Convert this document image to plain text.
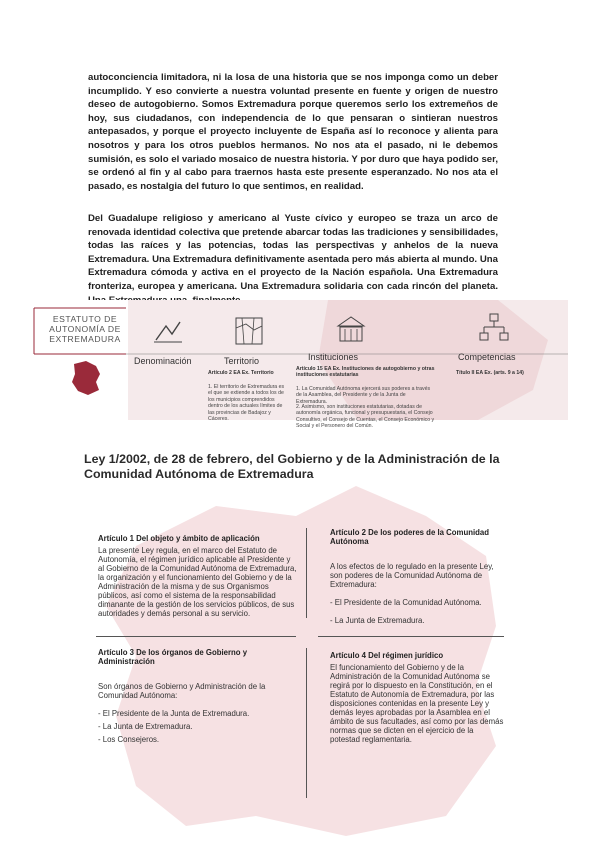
autoconciencia limitadora, ni la losa de una historia que se nos imponga como un deber incumplido. Y eso convierte a nuestra voluntad presente en fuente y origen de nuestro deseo de autogobierno. Somos Extremadura porque queremos serlo los extremeños de hoy, sus ciudadanos, con independencia de lo que pensaran o sintieran nuestros antepasados, y porque el proyecto incluyente de España así lo reconoce y alienta para nosotros y para los otros pueblos hermanos. No nos ata el pasado, ni le debemos sumisión, es solo el variado mosaico de nuestra historia. Y por duro que haya podido ser, se ordenó al fin y al cabo para traernos hasta este presente esperanzado. No nos ata el pasado, es nostalgia del futuro lo que sentimos, en realidad.
Del Guadalupe religioso y americano al Yuste cívico y europeo se traza un arco de renovada identidad colectiva que pretende abarcar todas las tradiciones y sensibilidades, todas las raíces y las potencias, todas las perspectivas y anhelos de la nueva Extremadura. Una Extremadura definitivamente asentada pero más abierta al mundo. Una Extremadura cómoda y activa en el proyecto de la Nación española. Una Extremadura fronteriza, europea y americana. Una Extremadura solidaria con cada rincón del planeta.
ESTATUTO DE AUTONOMÍA DE EXTREMADURA
Denominación	Territorio
Artículo 2 EA Ex. Territorio
1. El territorio de Extremadura es el que se extiende a todos los de los municipios comprendidos dentro de los actuales límites de las provincias de Badajoz y Cáceres.
Instituciones
Artículo 15 EA Ex. Instituciones de autogobierno y otras instituciones estatutarias
1. La Comunidad Autónoma ejercerá sus poderes a través de la Asamblea, del Presidente y de la Junta de Extremadura.
2. Asimismo, son instituciones estatutarias, dotadas de autonomía orgánica, funcional y presupuestaria, el Consejo Consultivo, el Consejo de Cuentas, el Consejo Económico y Social y el Personero del Común.
Competencias
Título II EA Ex. (arts. 9 a 14)
Ley 1/2002, de 28 de febrero, del Gobierno y de la Administración de la Comunidad Autónoma de Extremadura
Artículo 1 Del objeto y ámbito de aplicación
La presente Ley regula, en el marco del Estatuto de Autonomía, el régimen jurídico aplicable al Presidente y al Gobierno de la Comunidad Autónoma de Extremadura, la organización y el funcionamiento del Gobierno y de la Administración de la misma y de sus Organismos públicos, así como el sistema de la responsabilidad dimanante de la gestión de los servicios públicos, de sus autoridades y demás personal a su servicio.
Artículo 2 De los poderes de la Comunidad Autónoma

A los efectos de lo regulado en la presente Ley, son poderes de la Comunidad Autónoma de Extremadura:

- El Presidente de la Comunidad Autónoma.

- La Junta de Extremadura.

Artículo 3 De los órganos de Gobierno y Administración

Son órganos de Gobierno y Administración de la Comunidad Autónoma:

- El Presidente de la Junta de Extremadura.

- La Junta de Extremadura.

- Los Consejeros.

Artículo 4 Del régimen jurídico
El funcionamiento del Gobierno y de la Administración de la Comunidad Autónoma se regirá por lo dispuesto en la Constitución, en el Estatuto de Autonomía de Extremadura, por las disposiciones contenidas en la presente Ley y demás leyes aprobadas por la Asamblea en el ámbito de sus facultades, así como por las demás normas que se dicten en el ejercicio de la potestad reglamentaria.
